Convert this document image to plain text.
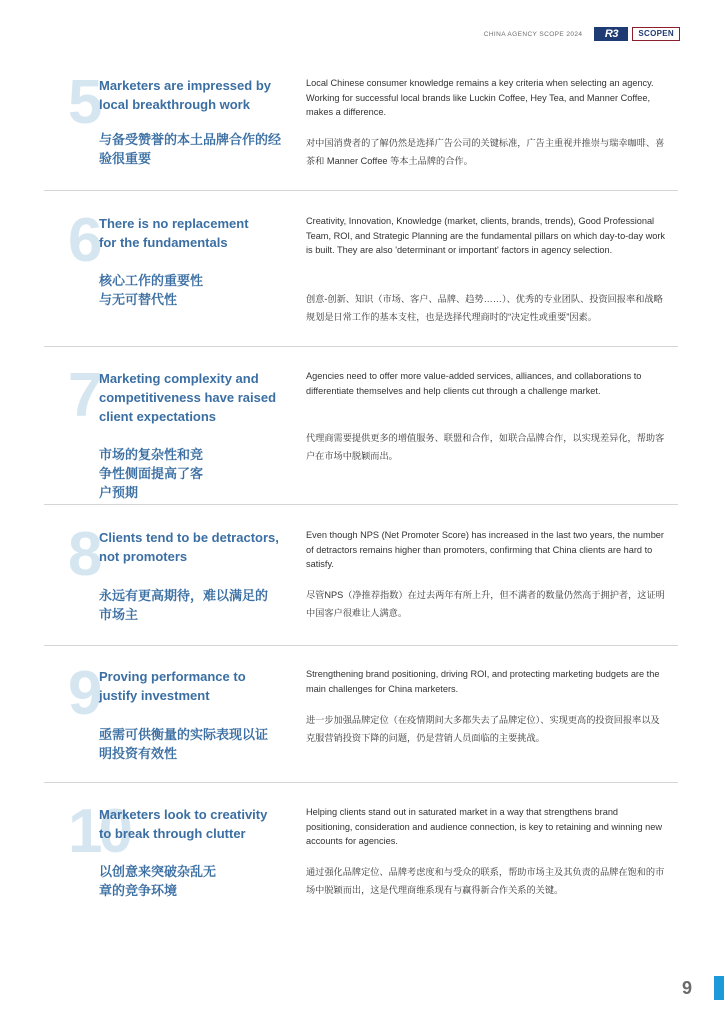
CHINA AGENCY SCOPE 2024	R3	SCOPEN
5 Marketers are impressed by local breakthrough work
与备受赞誉的本土品牌合作的经验很重要
Local Chinese consumer knowledge remains a key criteria when selecting an agency. Working for successful local brands like Luckin Coffee, Hey Tea, and Manner Coffee, makes a difference.
对中国消费者的了解仍然是选择广告公司的关键标准，广告主重视并推崇与瑞幸咖啡、喜茶和 Manner Coffee 等本土品牌的合作。
6 There is no replacement for the fundamentals
核心工作的重要性与无可替代性
Creativity, Innovation, Knowledge (market, clients, brands, trends), Good Professional Team, ROI, and Strategic Planning are the fundamental pillars on which day-to-day work is built. They are also 'determinant or important' factors in agency selection.
创意-创新、知识（市场、客户、品牌、趋势……）、优秀的专业团队、投资回报率和战略规划是日常工作的基本支柱，也是选择代理商时的“决定性或重要”因素。
7 Marketing complexity and competitiveness have raised client expectations
市场的复杂性和竞争性侧面提高了客户预期
Agencies need to offer more value-added services, alliances, and collaborations to differentiate themselves and help clients cut through a challenge market.
代理商需要提供更多的增值服务、联盟和合作，如联合品牌合作，以实现差异化，帮助客户在市场中脱颖而出。
8 Clients tend to be detractors, not promoters
永远有更高期待，难以满足的市场主
Even though NPS (Net Promoter Score) has increased in the last two years, the number of detractors remains higher than promoters, confirming that China clients are hard to satisfy.
尽管NPS（净推荐指数）在过去两年有所上升，但不满者的数量仍然高于拥护者，这证明中国客户很难让人满意。
9 Proving performance to justify investment
亟需可供衡量的实际表现以证明投资有效性
Strengthening brand positioning, driving ROI, and protecting marketing budgets are the main challenges for China marketers.
进一步加强品牌定位（在疫情期间大多都失去了品牌定位）、实现更高的投资回报率以及克服营销投资下降的问题，仍是营销人员面临的主要挑战。
10
Marketers look to creativity to break through clutter
以创意来突破杂乱无章的竞争环境
Helping clients stand out in saturated market in a way that strengthens brand positioning, consideration and audience connection, is key to retaining and winning new accounts for agencies.
通过强化品牌定位、品牌考虑度和与受众的联系，帮助市场主及其负责的品牌在饱和的市场中脱颖而出，这是代理商维系现有与赢得新合作关系的关键。
9
